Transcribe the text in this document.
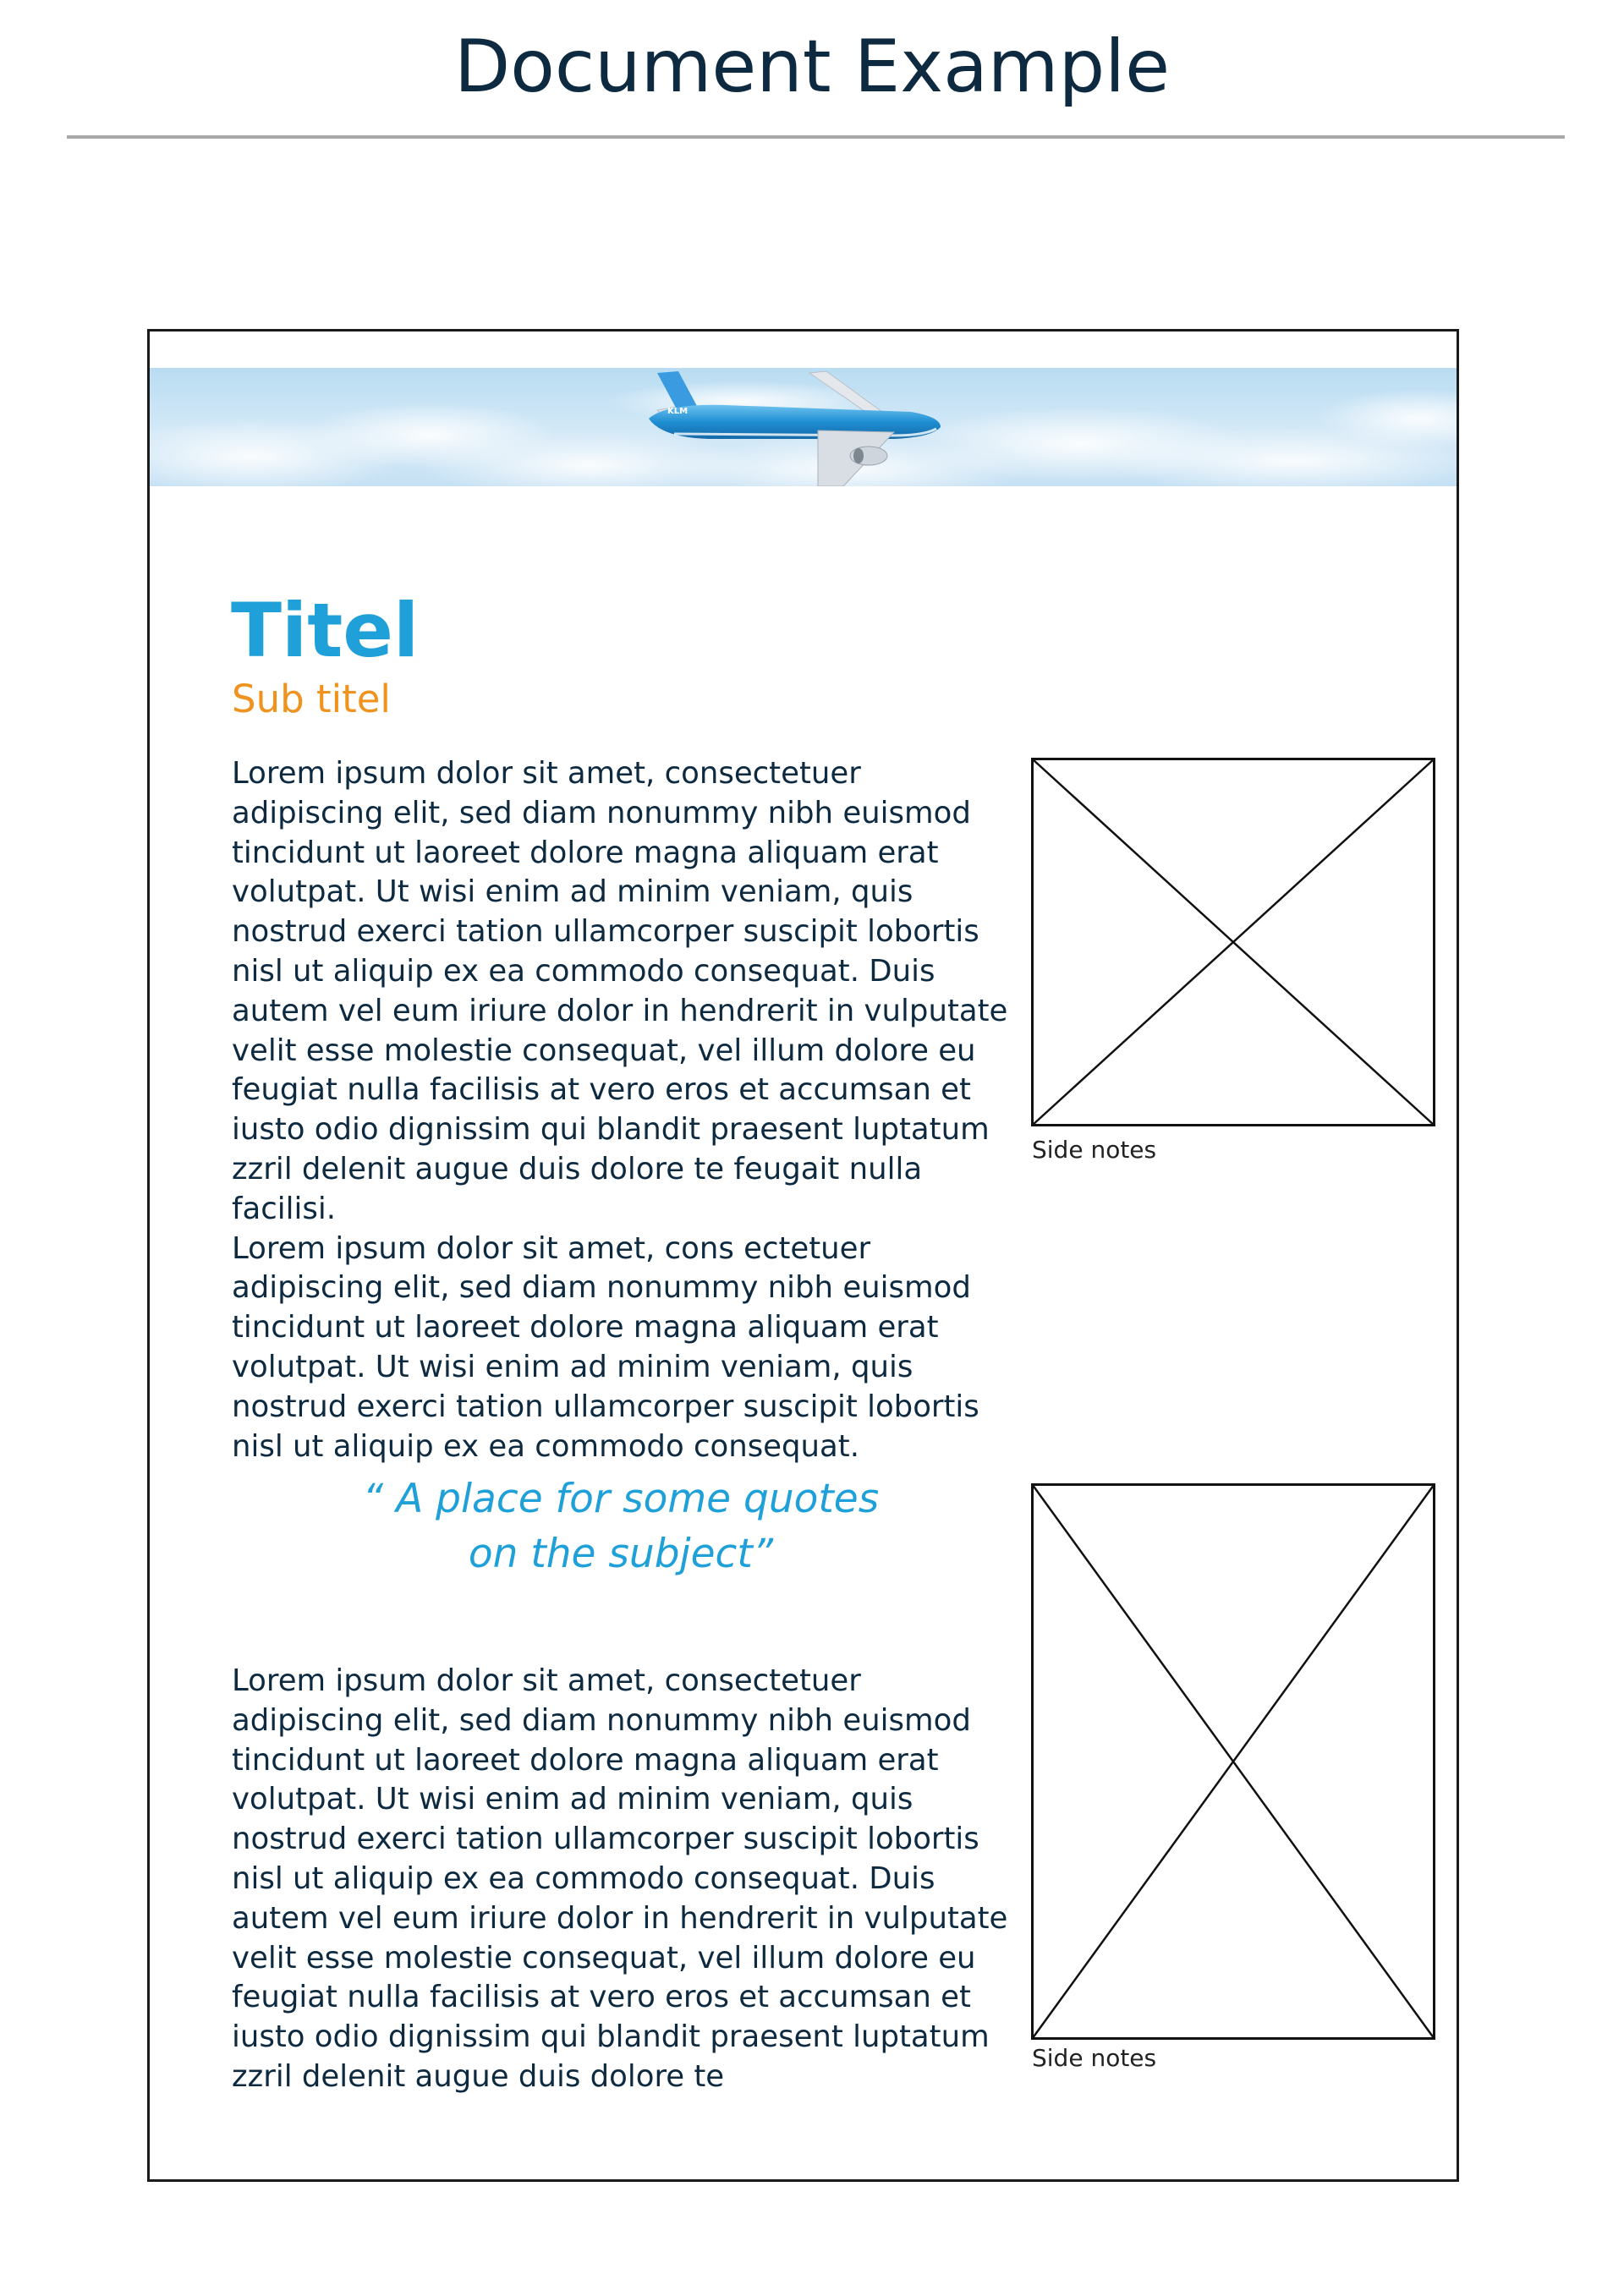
Document Example
KLM
Titel
Sub titel

Lorem ipsum dolor sit amet, consectetuer adipiscing elit, sed diam nonummy nibh euismod tincidunt ut laoreet dolore magna aliquam erat volutpat. Ut wisi enim ad minim veniam, quis nostrud exerci tation ullamcorper suscipit lobortis nisl ut aliquip ex ea commodo consequat. Duis autem vel eum iriure dolor in hendrerit in vulputate velit esse molestie consequat, vel illum dolore eu feugiat nulla facilisis at vero eros et accumsan et iusto odio dignissim qui blandit praesent luptatum zzril delenit augue duis dolore te feugait nulla facilisi.

Lorem ipsum dolor sit amet, cons ectetuer adipiscing elit, sed diam nonummy nibh euismod tincidunt ut laoreet dolore magna aliquam erat volutpat. Ut wisi enim ad minim veniam, quis nostrud exerci tation ullamcorper suscipit lobortis nisl ut aliquip ex ea commodo consequat.

“ A place for some quotes
on the subject”

Lorem ipsum dolor sit amet, consectetuer adipiscing elit, sed diam nonummy nibh euismod tincidunt ut laoreet dolore magna aliquam erat volutpat. Ut wisi enim ad minim veniam, quis nostrud exerci tation ullamcorper suscipit lobortis nisl ut aliquip ex ea commodo consequat. Duis autem vel eum iriure dolor in hendrerit in vulputate velit esse molestie consequat, vel illum dolore eu feugiat nulla facilisis at vero eros et accumsan et iusto odio dignissim qui blandit praesent luptatum zzril delenit augue duis dolore te

Side notes
Side notes
